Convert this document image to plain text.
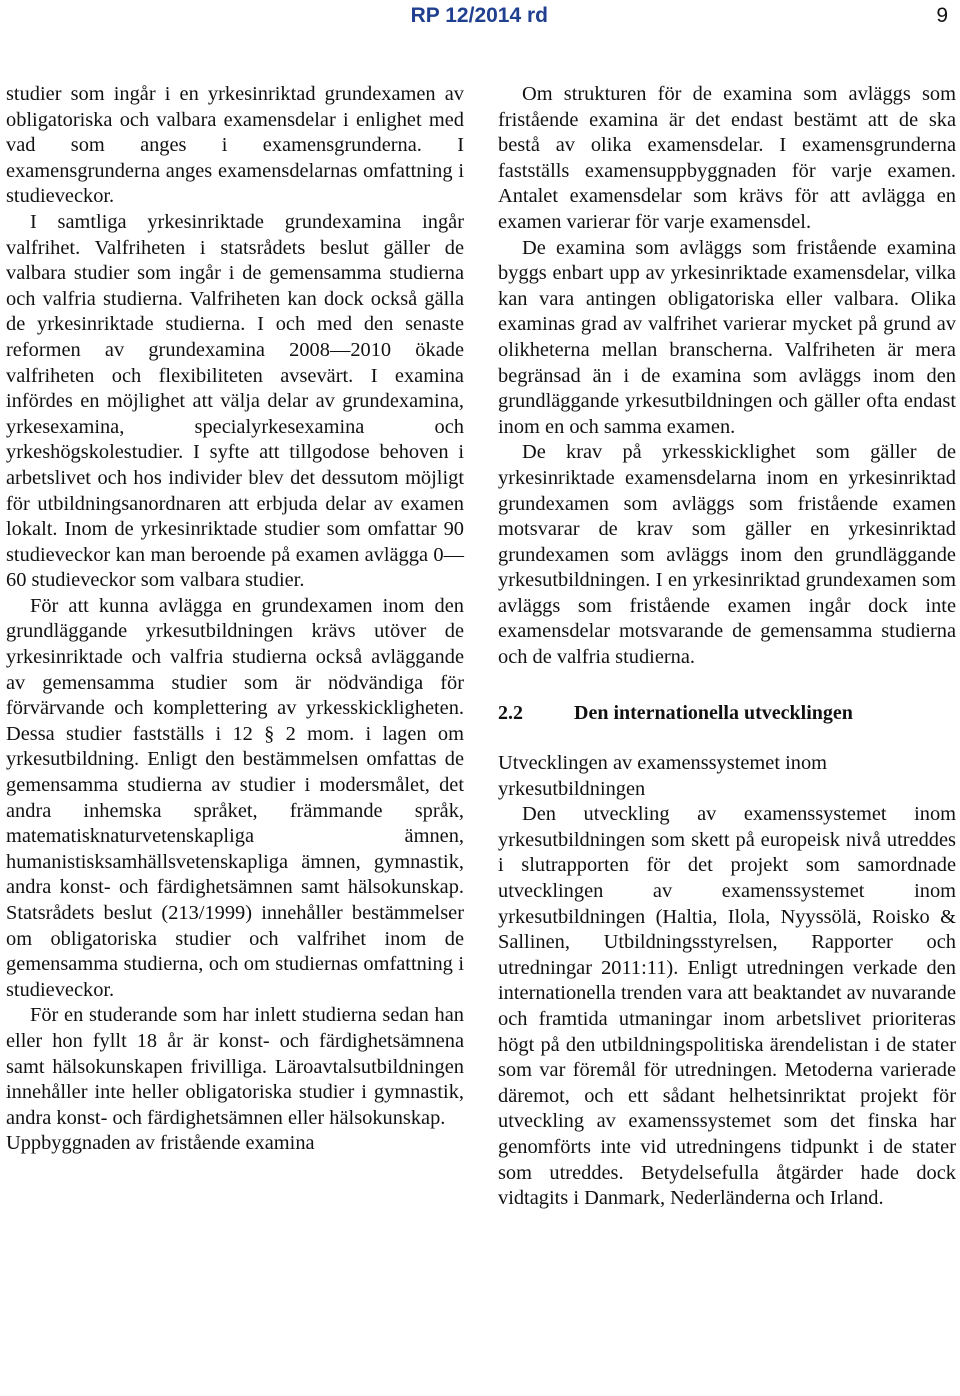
RP 12/2014 rd	9

studier som ingår i en yrkesinriktad grundexamen av obligatoriska och valbara examensdelar i enlighet med vad som anges i examensgrunderna. I examensgrunderna anges examensdelarnas omfattning i studieveckor.

I samtliga yrkesinriktade grundexamina ingår valfrihet. Valfriheten i statsrådets beslut gäller de valbara studier som ingår i de gemensamma studierna och valfria studierna. Valfriheten kan dock också gälla de yrkesinriktade studierna. I och med den senaste reformen av grundexamina 2008—2010 ökade valfriheten och flexibiliteten avsevärt. I examina infördes en möjlighet att välja delar av grundexamina, yrkesexamina, specialyrkesexamina och yrkeshögskolestudier. I syfte att tillgodose behoven i arbetslivet och hos individer blev det dessutom möjligt för utbildningsanordnaren att erbjuda delar av examen lokalt. Inom de yrkesinriktade studier som omfattar 90 studieveckor kan man beroende på examen avlägga 0—60 studieveckor som valbara studier.

För att kunna avlägga en grundexamen inom den grundläggande yrkesutbildningen krävs utöver de yrkesinriktade och valfria studierna också avläggande av gemensamma studier som är nödvändiga för förvärvande och komplettering av yrkesskickligheten. Dessa studier fastställs i 12 § 2 mom. i lagen om yrkesutbildning. Enligt den bestämmelsen omfattas de gemensamma studierna av studier i modersmålet, det andra inhemska språket, främmande språk, matematisknaturvetenskapliga ämnen, humanistisksamhällsvetenskapliga ämnen, gymnastik, andra konst- och färdighetsämnen samt hälsokunskap. Statsrådets beslut (213/1999) innehåller bestämmelser om obligatoriska studier och valfrihet inom de gemensamma studierna, och om studiernas omfattning i studieveckor.

För en studerande som har inlett studierna sedan han eller hon fyllt 18 år är konst- och färdighetsämnena samt hälsokunskapen frivilliga. Läroavtalsutbildningen innehåller inte heller obligatoriska studier i gymnastik, andra konst- och färdighetsämnen eller hälsokunskap.

Uppbyggnaden av fristående examina

Om strukturen för de examina som avläggs som fristående examina är det endast bestämt att de ska bestå av olika examensdelar. I examensgrunderna fastställs examensuppbyggnaden för varje examen. Antalet examensdelar som krävs för att avlägga en examen varierar för varje examensdel.

De examina som avläggs som fristående examina byggs enbart upp av yrkesinriktade examensdelar, vilka kan vara antingen obligatoriska eller valbara. Olika examinas grad av valfrihet varierar mycket på grund av olikheterna mellan branscherna. Valfriheten är mera begränsad än i de examina som avläggs inom den grundläggande yrkesutbildningen och gäller ofta endast inom en och samma examen.

De krav på yrkesskicklighet som gäller de yrkesinriktade examensdelarna inom en yrkesinriktad grundexamen som avläggs som fristående examen motsvarar de krav som gäller en yrkesinriktad grundexamen som avläggs inom den grundläggande yrkesutbildningen. I en yrkesinriktad grundexamen som avläggs som fristående examen ingår dock inte examensdelar motsvarande de gemensamma studierna och de valfria studierna.

2.2	Den internationella utvecklingen

Utvecklingen av examenssystemet inom yrkesutbildningen

Den utveckling av examenssystemet inom yrkesutbildningen som skett på europeisk nivå utreddes i slutrapporten för det projekt som samordnade utvecklingen av examenssystemet inom yrkesutbildningen (Haltia, Ilola, Nyyssölä, Roisko & Sallinen, Utbildningsstyrelsen, Rapporter och utredningar 2011:11). Enligt utredningen verkade den internationella trenden vara att beaktandet av nuvarande och framtida utmaningar inom arbetslivet prioriteras högt på den utbildningspolitiska ärendelistan i de stater som var föremål för utredningen. Metoderna varierade däremot, och ett sådant helhetsinriktat projekt för utveckling av examenssystemet som det finska har genomförts inte vid utredningens tidpunkt i de stater som utreddes. Betydelsefulla åtgärder hade dock vidtagits i Danmark, Nederländerna och Irland.
